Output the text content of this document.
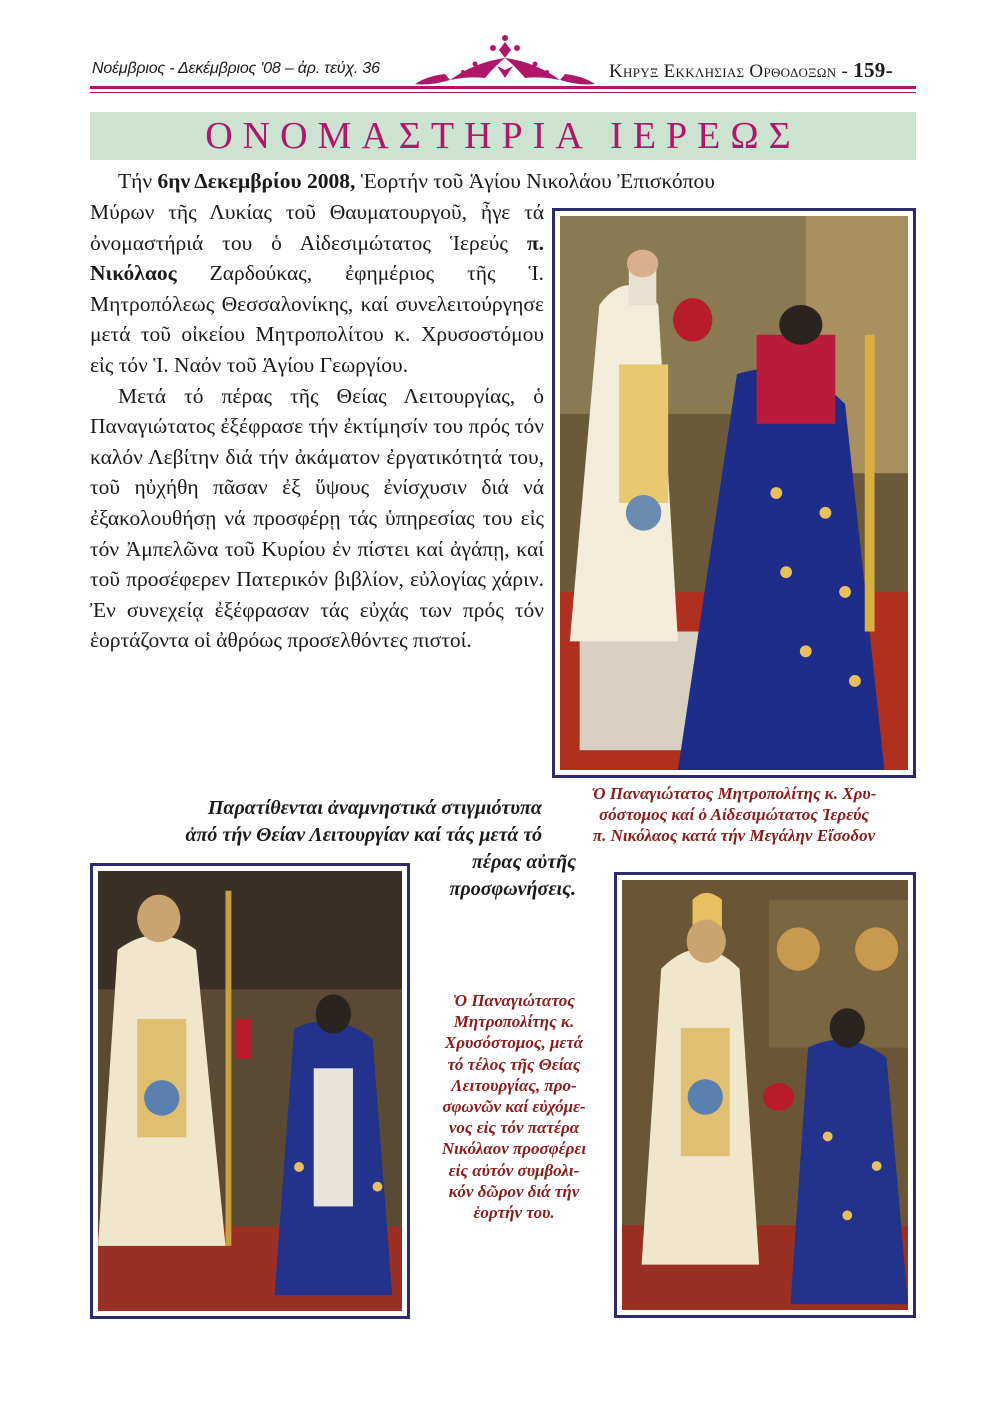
Νοέμβριος - Δεκέμβριος '08 – ἀρ. τεύχ. 36	Κηρυξ Εκκλησιας Ορθοδοξων - 159-
ΟΝΟΜΑΣΤΗΡΙΑ ΙΕΡΕΩΣ
Τήν 6ην Δεκεμβρίου 2008, Ἑορτήν τοῦ Ἁγίου Νικολάου Ἐπισκόπου

Μύρων τῆς Λυκίας τοῦ Θαυματουργοῦ, ἦγε τά ὀνομαστήριά του ὁ Αἰδεσιμώτατος Ἱερεύς π. Νικόλαος Ζαρδούκας, ἐφημέριος τῆς Ἱ. Μητροπόλεως Θεσσαλονίκης, καί συνελειτούργησε μετά τοῦ οἰκείου Μητροπολίτου κ. Χρυσοστόμου εἰς τόν Ἱ. Ναόν τοῦ Ἁγίου Γεωργίου.

Μετά τό πέρας τῆς Θείας Λειτουργίας, ὁ Παναγιώτατος ἐξέφρασε τήν ἐκτίμησίν του πρός τόν καλόν Λεβίτην διά τήν ἀκάματον ἐργατικότητά του, τοῦ ηὐχήθη πᾶσαν ἐξ ὕψους ἐνίσχυσιν διά νά ἐξακολουθήσῃ νά προσφέρῃ τάς ὑπηρεσίας του εἰς τόν Ἀμπελῶνα τοῦ Κυρίου ἐν πίστει καί ἀγάπῃ, καί τοῦ προσέφερεν Πατερικόν βιβλίον, εὐλογίας χάριν. Ἐν συνεχείᾳ ἐξέφρασαν τάς εὐχάς των πρός τόν ἑορτάζοντα οἱ ἀθρόως προσελθόντες πιστοί.

Ὁ Παναγιώτατος Μητροπολίτης κ. Χρυ-
σόστομος καί ὁ Αἰδεσιμώτατος Ἱερεύς
π. Νικόλαος κατά τήν Μεγάλην Εἴσοδον
Παρατίθενται ἀναμνηστικά στιγμιότυπα
ἀπό τήν Θείαν Λειτουργίαν καί τάς μετά τό
πέρας αὐτῆς
προσφωνήσεις.
Ὁ Παναγιώτατος
Μητροπολίτης κ.
Χρυσόστομος, μετά
τό τέλος τῆς Θείας
Λειτουργίας, προ-
σφωνῶν καί εὐχόμε-
νος εἰς τόν πατέρα
Νικόλαον προσφέρει
εἰς αὐτόν συμβολι-
κόν δῶρον διά τήν
ἑορτήν του.
